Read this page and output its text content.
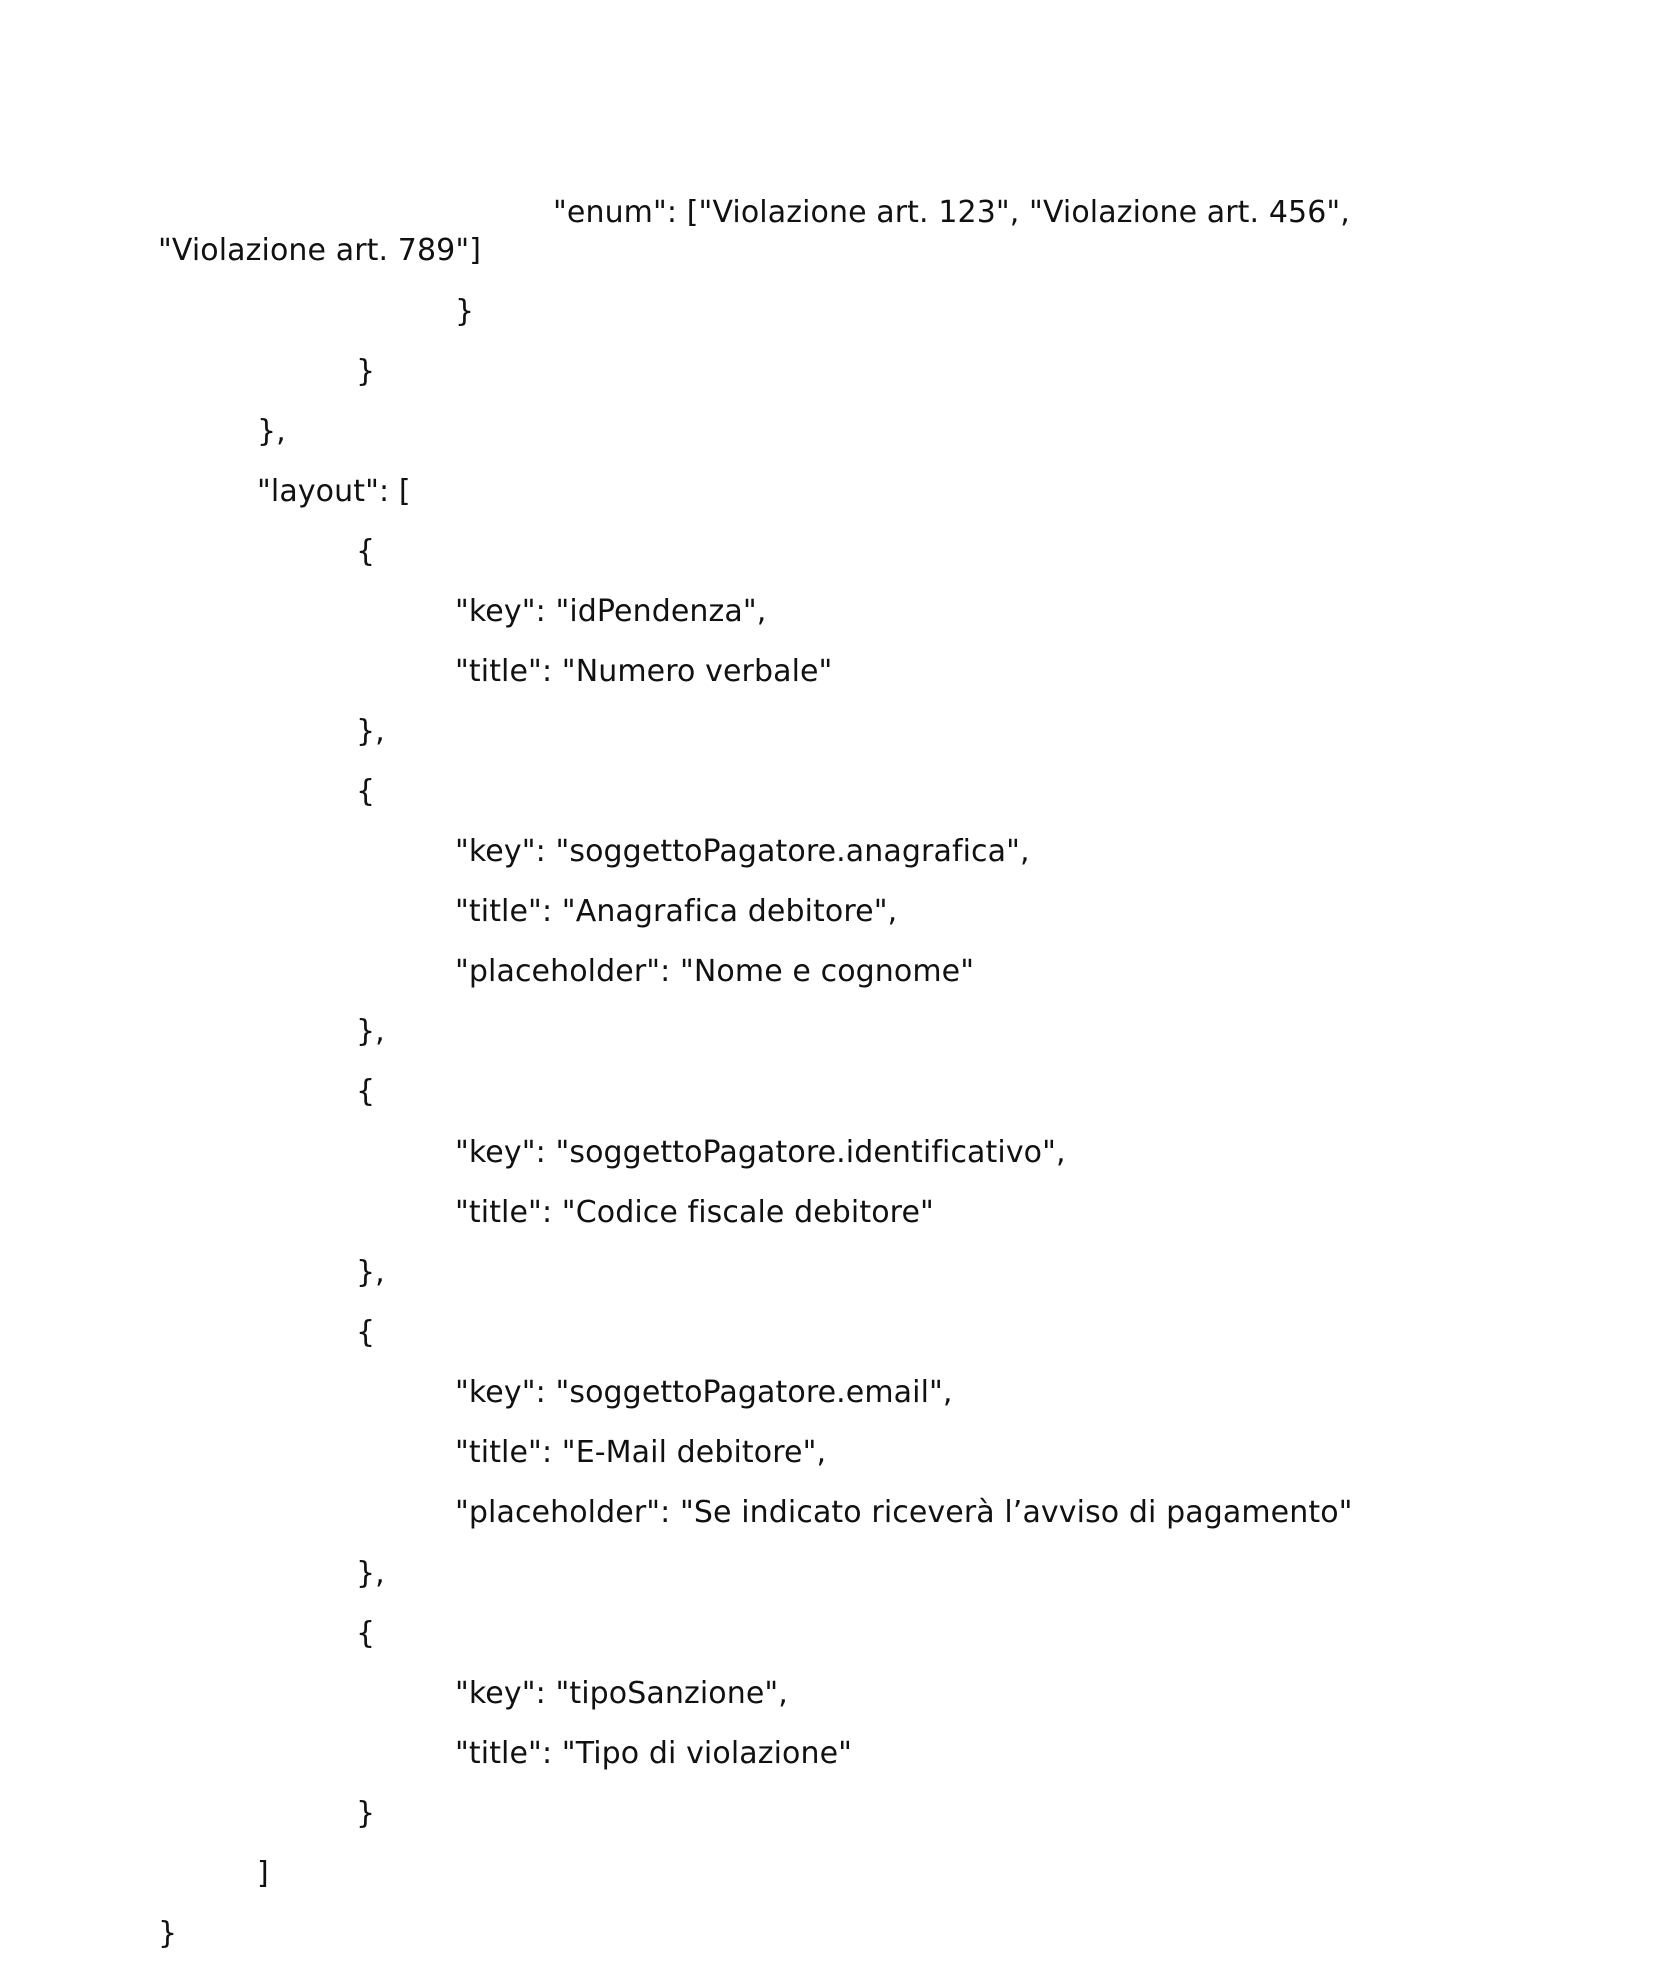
"enum": ["Violazione art. 123", "Violazione art. 456",
"Violazione art. 789"]
}
}
},
"layout": [
{
"key": "idPendenza",
"title": "Numero verbale"
},
{
"key": "soggettoPagatore.anagrafica",
"title": "Anagrafica debitore",
"placeholder": "Nome e cognome"
},
{
"key": "soggettoPagatore.identificativo",
"title": "Codice fiscale debitore"
},
{
"key": "soggettoPagatore.email",
"title": "E-Mail debitore",
"placeholder": "Se indicato riceverà l’avviso di pagamento"
},
{
"key": "tipoSanzione",
"title": "Tipo di violazione"
}
]
}
